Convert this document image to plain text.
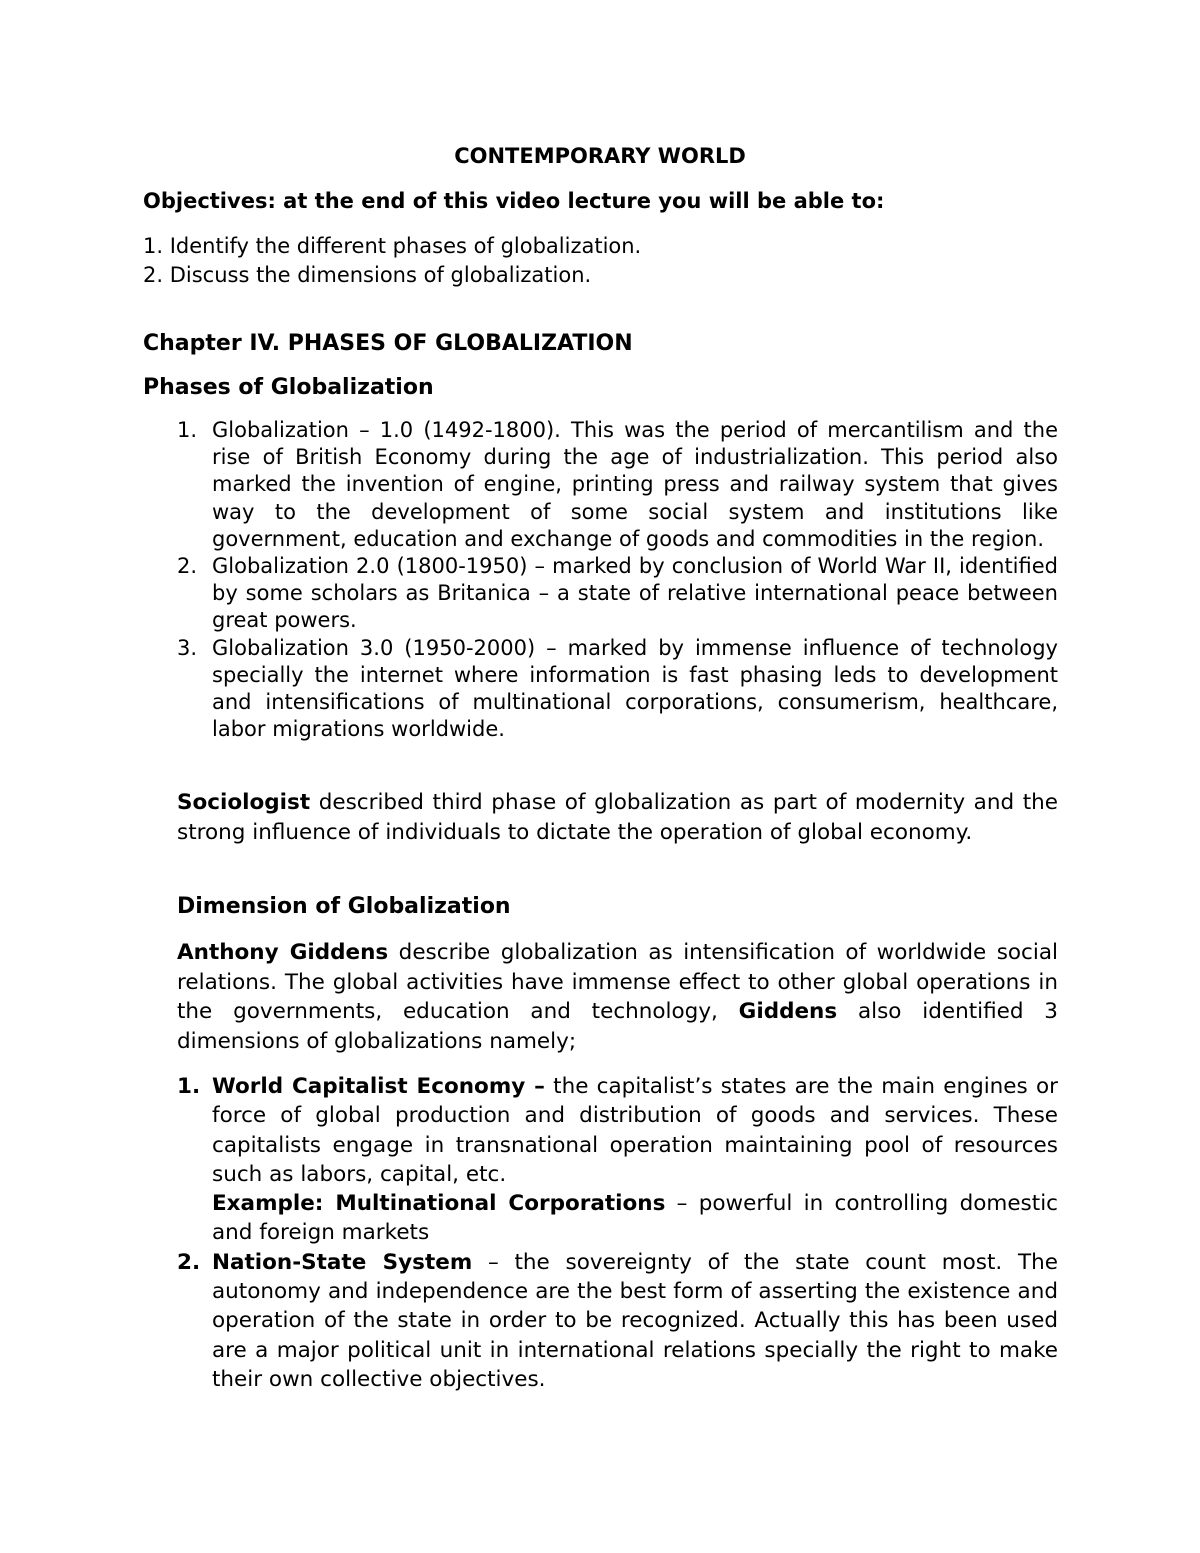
CONTEMPORARY WORLD
Objectives: at the end of this video lecture you will be able to:
1. Identify the different phases of globalization.
2. Discuss the dimensions of globalization.
Chapter IV. PHASES OF GLOBALIZATION
Phases of Globalization
1. Globalization – 1.0 (1492-1800). This was the period of mercantilism and the rise of British Economy during the age of industrialization. This period also marked the invention of engine, printing press and railway system that gives way to the development of some social system and institutions like government, education and exchange of goods and commodities in the region.
2. Globalization 2.0 (1800-1950) – marked by conclusion of World War II, identified by some scholars as Britanica – a state of relative international peace between great powers.
3. Globalization 3.0 (1950-2000) – marked by immense influence of technology specially the internet where information is fast phasing leds to development and intensifications of multinational corporations, consumerism, healthcare, labor migrations worldwide.

Sociologist described third phase of globalization as part of modernity and the strong influence of individuals to dictate the operation of global economy.

Dimension of Globalization

Anthony Giddens describe globalization as intensification of worldwide social relations. The global activities have immense effect to other global operations in the governments, education and technology, Giddens also identified 3 dimensions of globalizations namely;

1. World Capitalist Economy – the capitalist’s states are the main engines or force of global production and distribution of goods and services. These capitalists engage in transnational operation maintaining pool of resources such as labors, capital, etc.
Example: Multinational Corporations – powerful in controlling domestic and foreign markets
2. Nation-State System – the sovereignty of the state count most. The autonomy and independence are the best form of asserting the existence and operation of the state in order to be recognized. Actually this has been used are a major political unit in international relations specially the right to make their own collective objectives.
